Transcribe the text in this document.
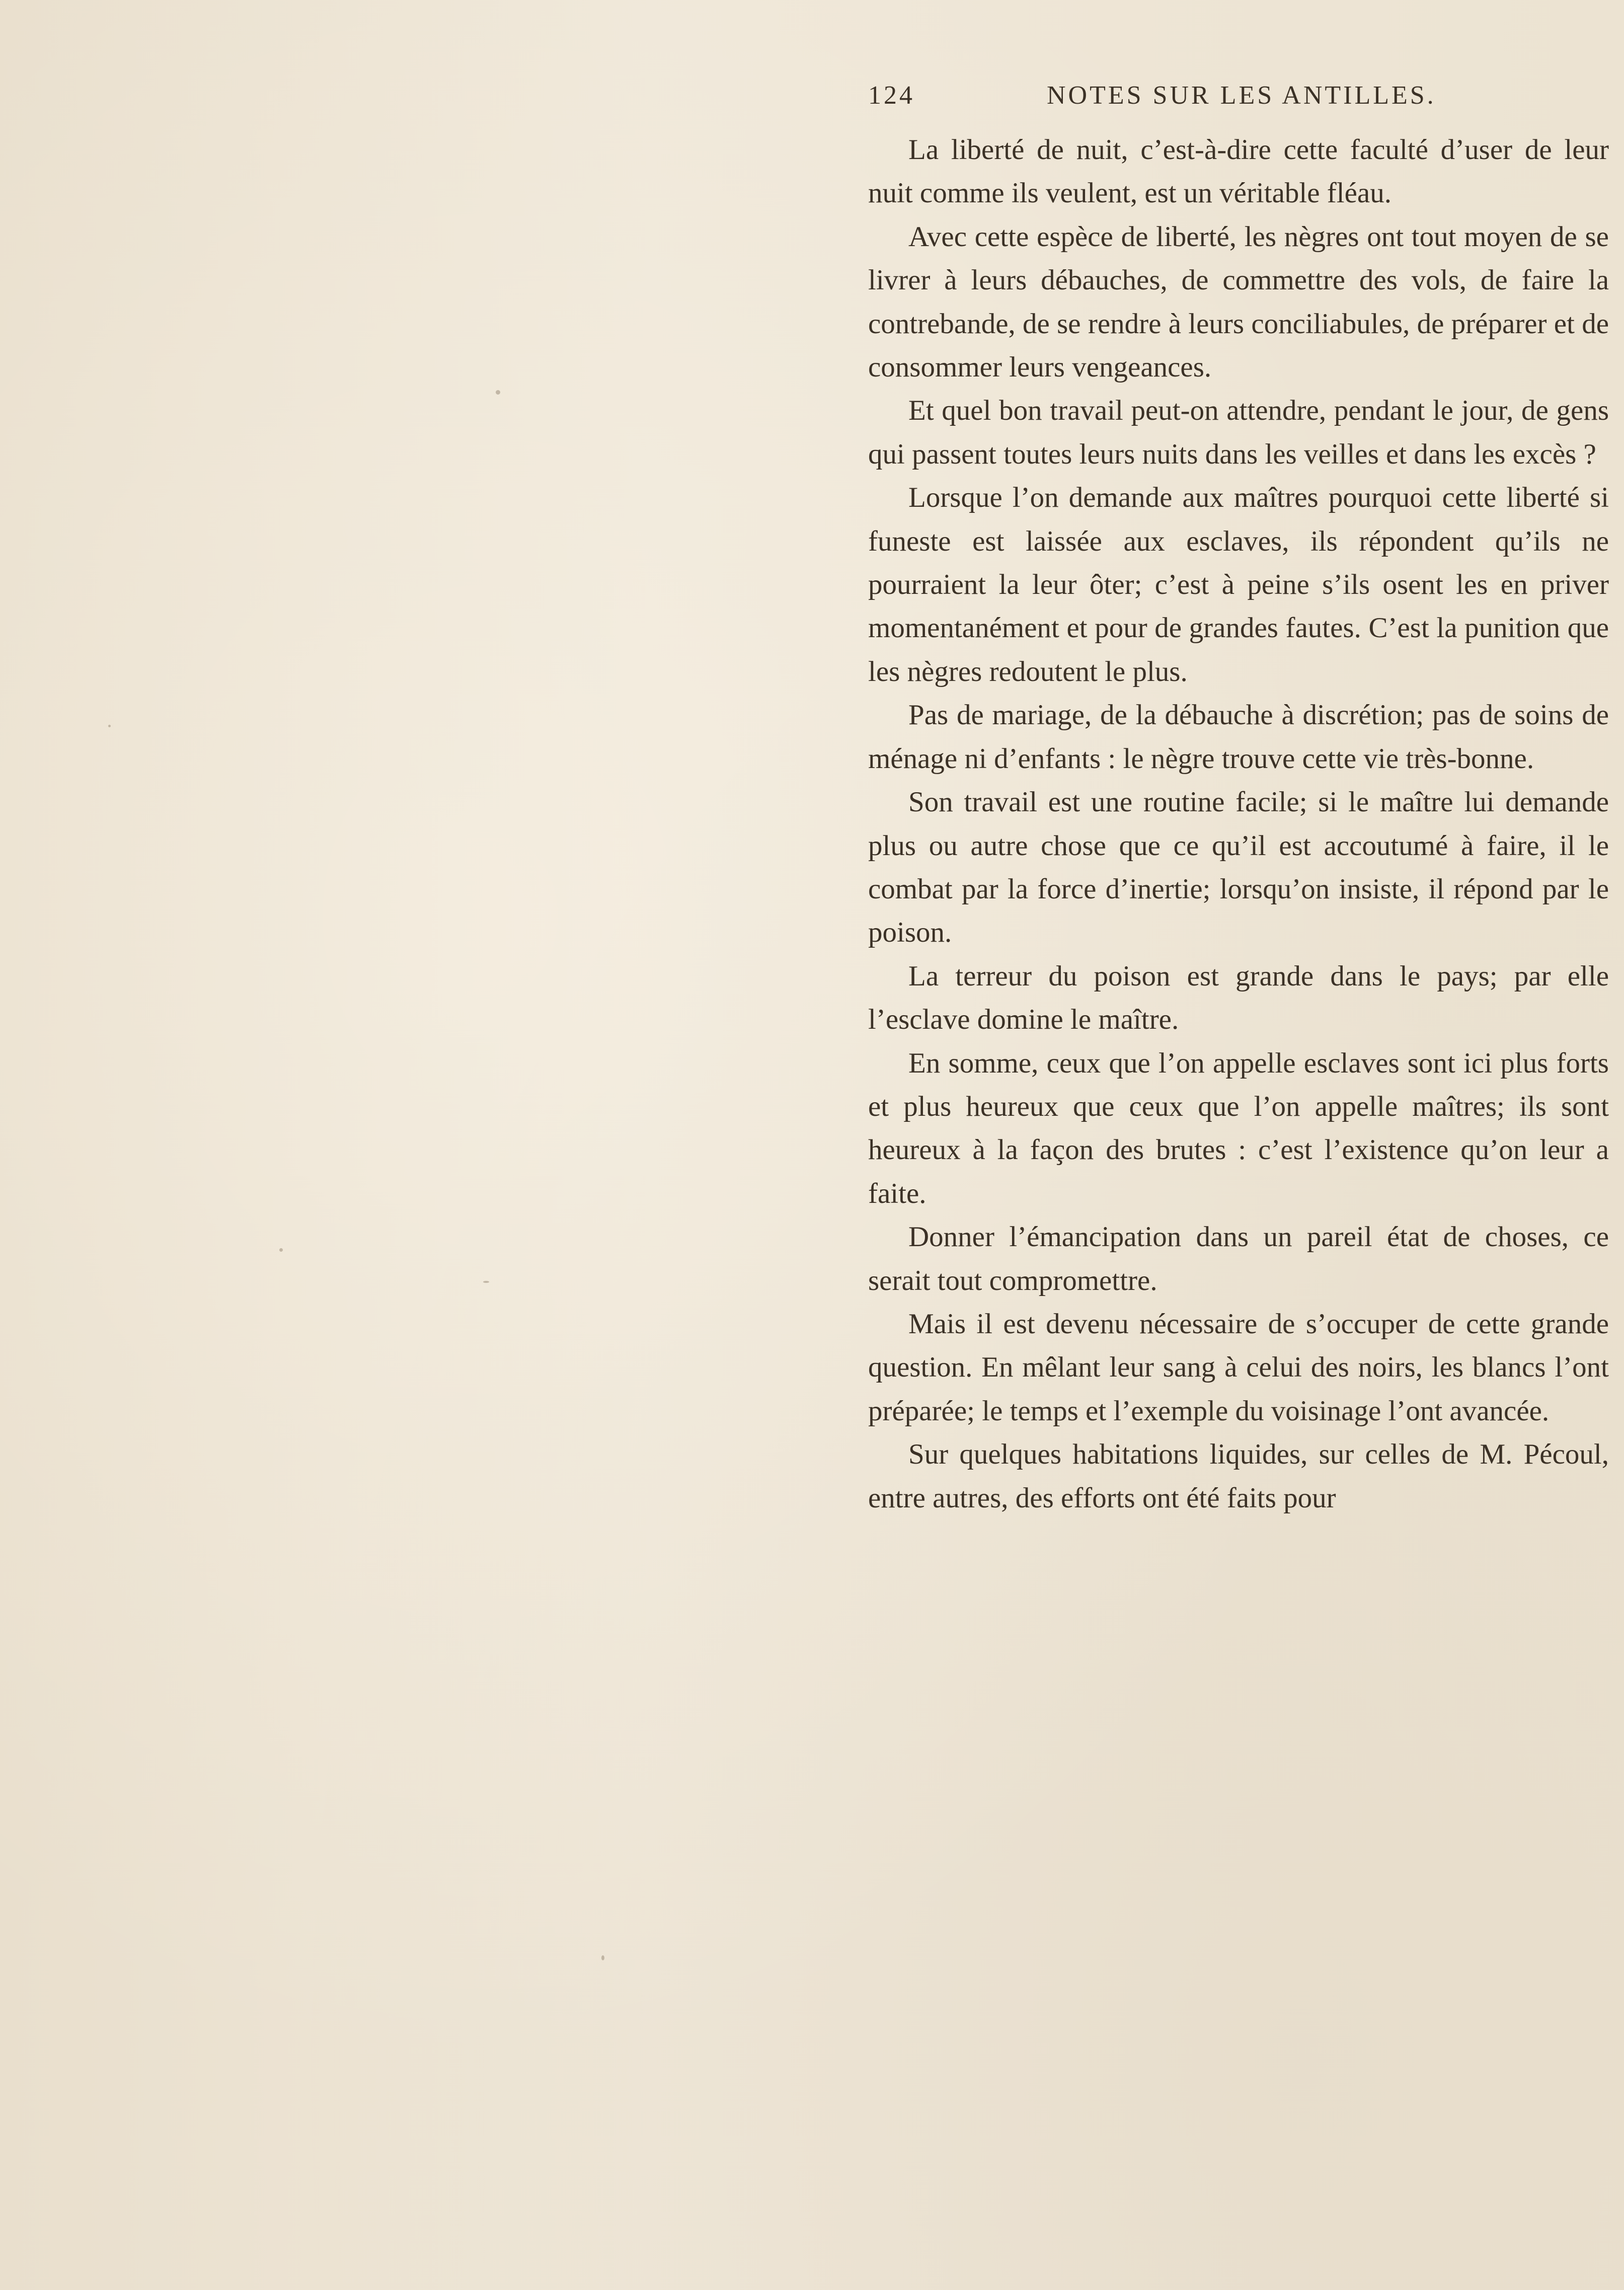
124	NOTES SUR LES ANTILLES.

La liberté de nuit, c’est-à-dire cette faculté d’user de leur nuit comme ils veulent, est un véritable fléau.

Avec cette espèce de liberté, les nègres ont tout moyen de se livrer à leurs débauches, de commettre des vols, de faire la contrebande, de se rendre à leurs conciliabules, de préparer et de consommer leurs vengeances.

Et quel bon travail peut-on attendre, pendant le jour, de gens qui passent toutes leurs nuits dans les veilles et dans les excès ?

Lorsque l’on demande aux maîtres pourquoi cette liberté si funeste est laissée aux esclaves, ils répondent qu’ils ne pourraient la leur ôter; c’est à peine s’ils osent les en priver momentanément et pour de grandes fautes. C’est la punition que les nègres redoutent le plus.

Pas de mariage, de la débauche à discrétion; pas de soins de ménage ni d’enfants : le nègre trouve cette vie très-bonne.

Son travail est une routine facile; si le maître lui demande plus ou autre chose que ce qu’il est accoutumé à faire, il le combat par la force d’inertie; lorsqu’on insiste, il répond par le poison.

La terreur du poison est grande dans le pays; par elle l’esclave domine le maître.

En somme, ceux que l’on appelle esclaves sont ici plus forts et plus heureux que ceux que l’on appelle maîtres; ils sont heureux à la façon des brutes : c’est l’existence qu’on leur a faite.

Donner l’émancipation dans un pareil état de choses, ce serait tout compromettre.

Mais il est devenu nécessaire de s’occuper de cette grande question. En mêlant leur sang à celui des noirs, les blancs l’ont préparée; le temps et l’exemple du voisinage l’ont avancée.

Sur quelques habitations liquides, sur celles de M. Pécoul, entre autres, des efforts ont été faits pour
